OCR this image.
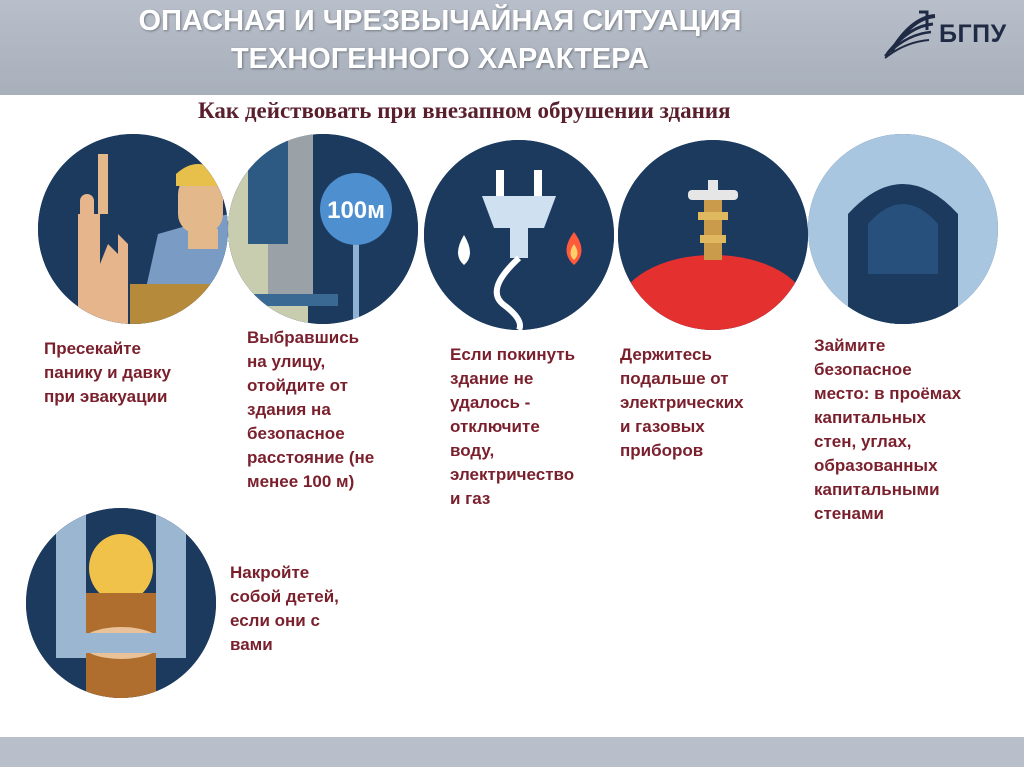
ОПАСНАЯ И ЧРЕЗВЫЧАЙНАЯ СИТУАЦИЯ
ТЕХНОГЕННОГО ХАРАКТЕРА
БГПУ
Как действовать при внезапном обрушении здания
100м
Пресекайте
панику и давку
при эвакуации
Выбравшись
на улицу,
отойдите от
здания на
безопасное
расстояние (не
менее 100 м)
Если покинуть
здание не
удалось -
отключите
воду,
электричество
и газ
Держитесь
подальше от
электрических
и газовых
приборов
Займите
безопасное
место: в проёмах
капитальных
стен, углах,
образованных
капитальными
стенами
Накройте
собой детей,
если они с
вами
